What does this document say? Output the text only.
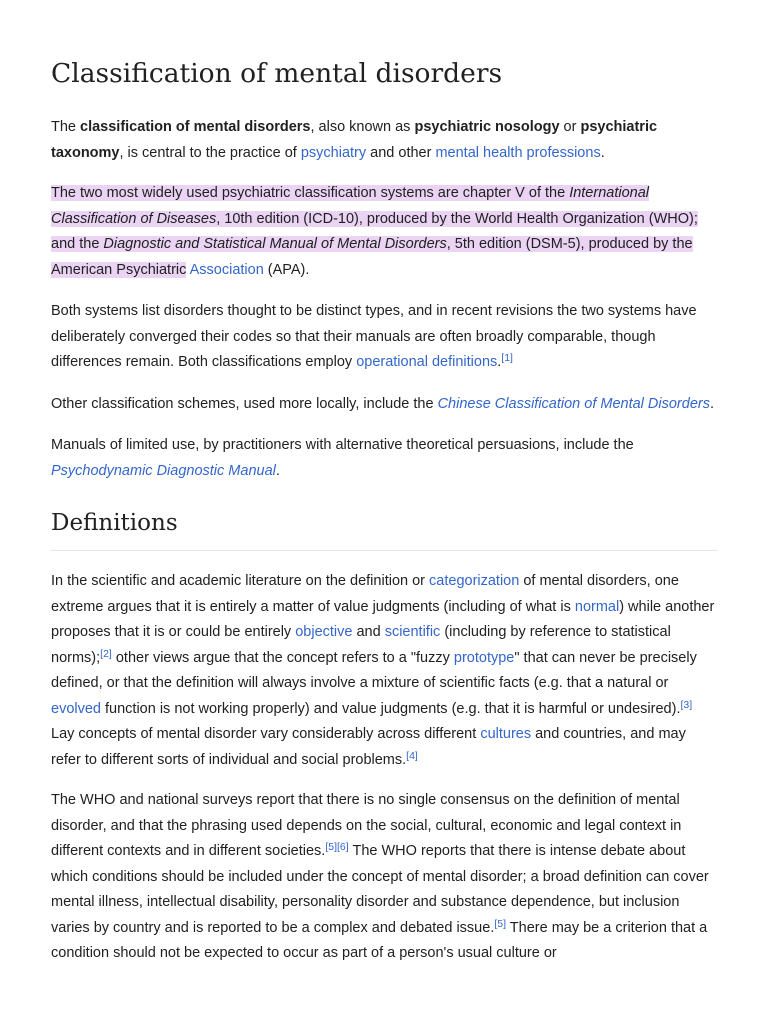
Classification of mental disorders

The classification of mental disorders, also known as psychiatric nosology or psychiatric taxonomy, is central to the practice of psychiatry and other mental health professions.

The two most widely used psychiatric classification systems are chapter V of the International Classification of Diseases, 10th edition (ICD-10), produced by the World Health Organization (WHO); and the Diagnostic and Statistical Manual of Mental Disorders, 5th edition (DSM-5), produced by the American Psychiatric Association (APA).

Both systems list disorders thought to be distinct types, and in recent revisions the two systems have deliberately converged their codes so that their manuals are often broadly comparable, though differences remain. Both classifications employ operational definitions.[1]

Other classification schemes, used more locally, include the Chinese Classification of Mental Disorders.

Manuals of limited use, by practitioners with alternative theoretical persuasions, include the Psychodynamic Diagnostic Manual.

Definitions

In the scientific and academic literature on the definition or categorization of mental disorders, one extreme argues that it is entirely a matter of value judgments (including of what is normal) while another proposes that it is or could be entirely objective and scientific (including by reference to statistical norms);[2] other views argue that the concept refers to a "fuzzy prototype" that can never be precisely defined, or that the definition will always involve a mixture of scientific facts (e.g. that a natural or evolved function is not working properly) and value judgments (e.g. that it is harmful or undesired).[3] Lay concepts of mental disorder vary considerably across different cultures and countries, and may refer to different sorts of individual and social problems.[4]

The WHO and national surveys report that there is no single consensus on the definition of mental disorder, and that the phrasing used depends on the social, cultural, economic and legal context in different contexts and in different societies.[5][6] The WHO reports that there is intense debate about which conditions should be included under the concept of mental disorder; a broad definition can cover mental illness, intellectual disability, personality disorder and substance dependence, but inclusion varies by country and is reported to be a complex and debated issue.[5] There may be a criterion that a condition should not be expected to occur as part of a person's usual culture or
